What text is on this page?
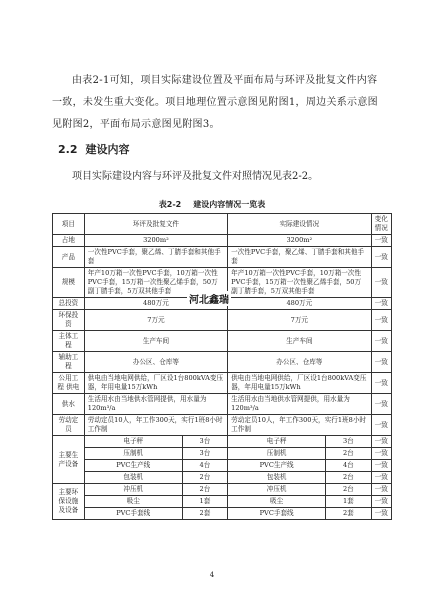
由表2-1可知，项目实际建设位置及平面布局与环评及批复文件内容一致，未发生重大变化。项目地理位置示意图见附图1，周边关系示意图见附图2，平面布局示意图见附图3。
2.2 建设内容
项目实际建设内容与环评及批复文件对照情况见表2-2。
表2-2 建设内容情况一览表
项目	环评及批复文件		实际建设情况		变化情况
占地	3200m²		3200m²		一致
产品	一次性PVC手套，聚乙烯、丁腈手套和其他手套		一次性PVC手套，聚乙烯、丁腈手套和其他手套		一致
规模	年产10万箱一次性PVC手套，10万箱一次性PVC手套，15万箱一次性聚乙烯手套，50万副丁腈手套，5万双其他手套		年产10万箱一次性PVC手套，10万箱一次性PVC手套，15万箱一次性聚乙烯手套，50万副丁腈手套，5万双其他手套		一致
总投资	480万元		480万元		一致
环保投资	7万元		7万元		一致
主体工程	生产车间		生产车间		一致
辅助工程	办公区、仓库等		办公区、仓库等		一致
公用工程 供电	供电由当地电网供给，厂区设1台800kVA变压器，年用电量15万kWh		供电由当地电网供给，厂区设1台800kVA变压器，年用电量15万kWh		一致
供水	生活用水由当地供水管网提供，用水量为120m³/a		生活用水由当地供水管网提供，用水量为120m³/a		一致
劳动定员	劳动定员10人，年工作300天，实行1班8小时工作制		劳动定员10人，年工作300天，实行1班8小时工作制		一致
主要生产设备	电子秤	3台	电子秤	3台	一致
	压制机	3台	压制机	2台	一致
	PVC生产线	4台	PVC生产线	4台	一致
	包装机	2台	包装机	2台	一致
主要环保设施及设备	冲压机	2台	冲压机	2台	一致
	吸尘	1套	吸尘	1套	一致
	PVC手套线	2套	PVC手套线	2套	一致
河北鑫瑞
4
